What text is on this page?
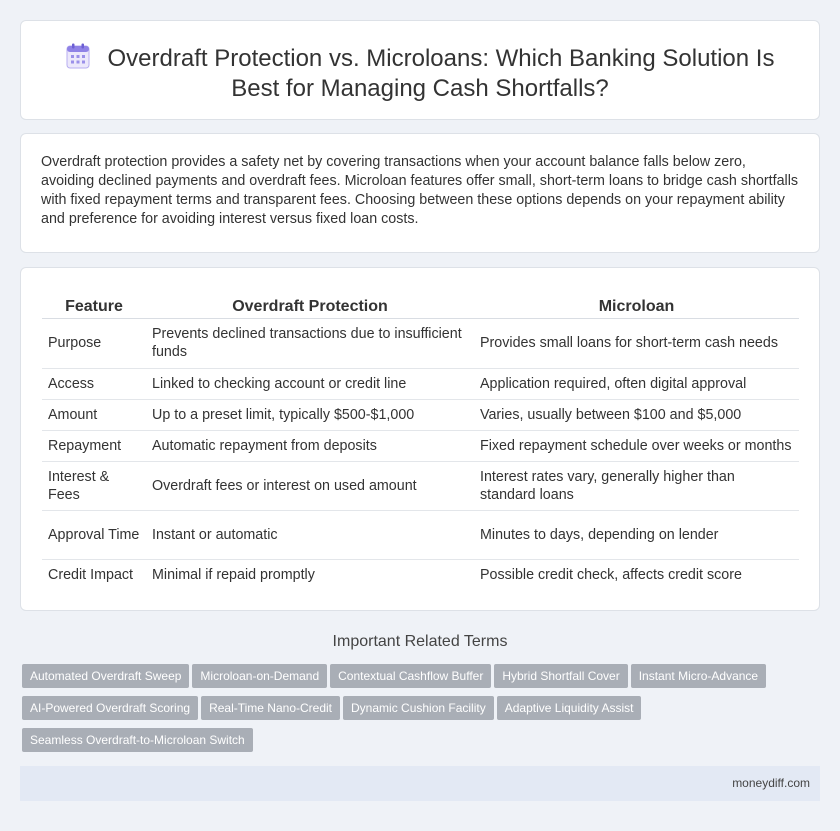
Overdraft Protection vs. Microloans: Which Banking Solution Is Best for Managing Cash Shortfalls?

Overdraft protection provides a safety net by covering transactions when your account balance falls below zero, avoiding declined payments and overdraft fees. Microloan features offer small, short-term loans to bridge cash shortfalls with fixed repayment terms and transparent fees. Choosing between these options depends on your repayment ability and preference for avoiding interest versus fixed loan costs.

Feature	Overdraft Protection	Microloan
Purpose	Prevents declined transactions due to insufficient funds	Provides small loans for short-term cash needs
Access	Linked to checking account or credit line	Application required, often digital approval
Amount	Up to a preset limit, typically $500-$1,000	Varies, usually between $100 and $5,000
Repayment	Automatic repayment from deposits	Fixed repayment schedule over weeks or months
Interest & Fees	Overdraft fees or interest on used amount	Interest rates vary, generally higher than standard loans
Approval Time	Instant or automatic	Minutes to days, depending on lender
Credit Impact	Minimal if repaid promptly	Possible credit check, affects credit score
Important Related Terms
Automated Overdraft Sweep Microloan-on-Demand Contextual Cashflow Buffer Hybrid Shortfall Cover Instant Micro-AdvanceAI-Powered Overdraft Scoring Real-Time Nano-Credit Dynamic Cushion Facility Adaptive Liquidity AssistSeamless Overdraft-to-Microloan Switch
moneydiff.com
